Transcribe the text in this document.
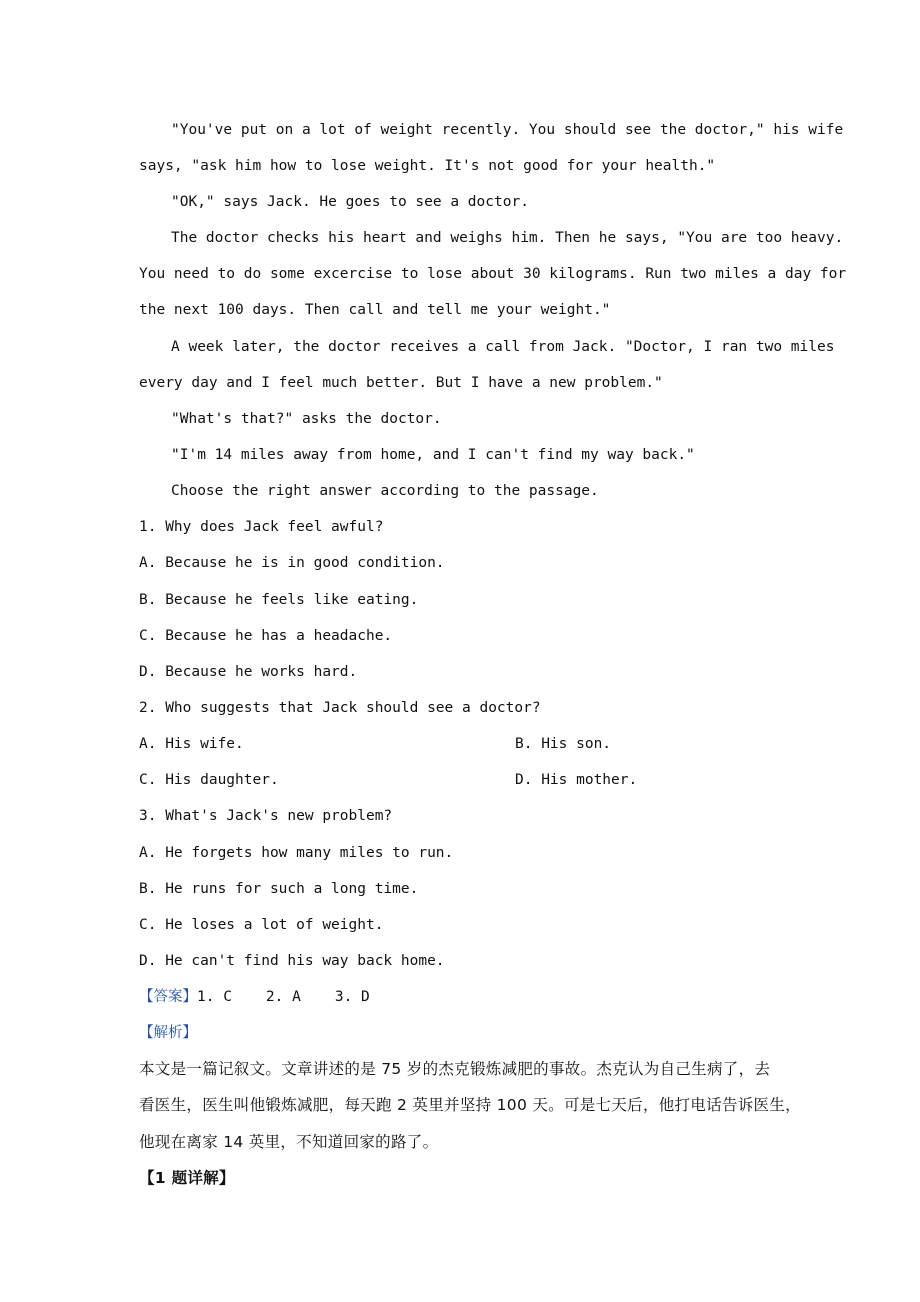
"You've put on a lot of weight recently. You should see the doctor," his wife
says, "ask him how to lose weight. It's not good for your health."
"OK," says Jack. He goes to see a doctor.
The doctor checks his heart and weighs him. Then he says, "You are too heavy.
You need to do some excercise to lose about 30 kilograms. Run two miles a day for
the next 100 days. Then call and tell me your weight."
A week later, the doctor receives a call from Jack. "Doctor, I ran two miles
every day and I feel much better. But I have a new problem."
"What's that?" asks the doctor.
"I'm 14 miles away from home, and I can't find my way back."
Choose the right answer according to the passage.
1. Why does Jack feel awful?
A. Because he is in good condition.
B. Because he feels like eating.
C. Because he has a headache.
D. Because he works hard.
2. Who suggests that Jack should see a doctor?
A. His wife.	B. His son.
C. His daughter.	D. His mother.
3. What's Jack's new problem?
A. He forgets how many miles to run.
B. He runs for such a long time.
C. He loses a lot of weight.
D. He can't find his way back home.
【答案】1. C 2. A 3. D
【解析】
本文是一篇记叙文。文章讲述的是 75 岁的杰克锻炼减肥的事故。杰克认为自己生病了，去
看医生，医生叫他锻炼减肥，每天跑 2 英里并坚持 100 天。可是七天后，他打电话告诉医生，
他现在离家 14 英里，不知道回家的路了。
【1 题详解】
